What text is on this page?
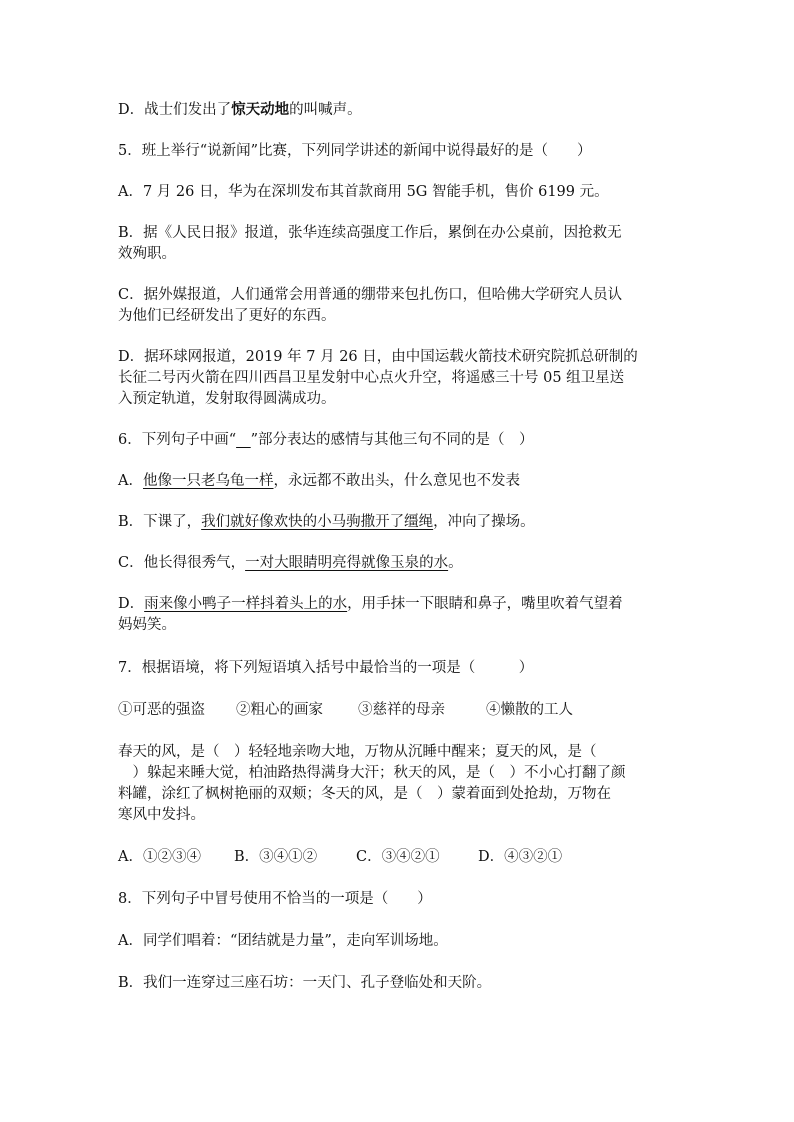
D．战士们发出了惊天动地的叫喊声。
5．班上举行“说新闻”比赛，下列同学讲述的新闻中说得最好的是（　　）
A．7 月 26 日，华为在深圳发布其首款商用 5G 智能手机，售价 6199 元。
B．据《人民日报》报道，张华连续高强度工作后，累倒在办公桌前，因抢救无
效殉职。
C．据外媒报道，人们通常会用普通的绷带来包扎伤口，但哈佛大学研究人员认
为他们已经研发出了更好的东西。
D．据环球网报道，2019 年 7 月 26 日，由中国运载火箭技术研究院抓总研制的
长征二号丙火箭在四川西昌卫星发射中心点火升空，将遥感三十号 05 组卫星送
入预定轨道，发射取得圆满成功。
6．下列句子中画“__”部分表达的感情与其他三句不同的是（　）
A．他像一只老乌龟一样，永远都不敢出头，什么意见也不发表
B．下课了，我们就好像欢快的小马驹撒开了缰绳，冲向了操场。
C．他长得很秀气，一对大眼睛明亮得就像玉泉的水。
D．雨来像小鸭子一样抖着头上的水，用手抹一下眼睛和鼻子，嘴里吹着气望着
妈妈笑。
7．根据语境，将下列短语填入括号中最恰当的一项是（　　　）
①可恶的强盗 ②粗心的画家 ③慈祥的母亲	④懒散的工人
春天的风，是（　）轻轻地亲吻大地，万物从沉睡中醒来；夏天的风，是（
　）躲起来睡大觉，柏油路热得满身大汗；秋天的风，是（　）不小心打翻了颜
料罐，涂红了枫树艳丽的双颊；冬天的风，是（　）蒙着面到处抢劫，万物在
寒风中发抖。
A．①②③④ B．③④①②	C．③④②①	D．④③②①
8．下列句子中冒号使用不恰当的一项是（　　）
A．同学们唱着：“团结就是力量”，走向军训场地。
B．我们一连穿过三座石坊：一天门、孔子登临处和天阶。
